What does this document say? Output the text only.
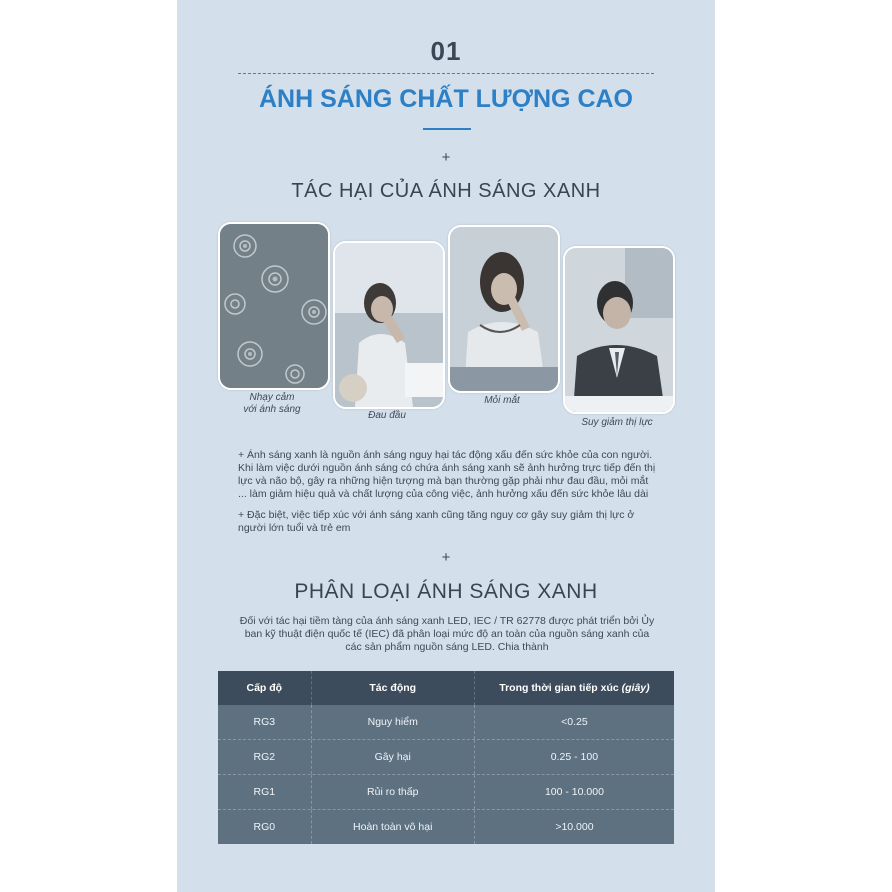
01
ÁNH SÁNG CHẤT LƯỢNG CAO
+
TÁC HẠI CỦA ÁNH SÁNG XANH
Nhạy cảm
với ánh sáng
Đau đầu
Mỏi mắt
Suy giảm thị lực
+ Ánh sáng xanh là nguồn ánh sáng nguy hại tác động xấu đến sức khỏe của con người. Khi làm việc dưới nguồn ánh sáng có chứa ánh sáng xanh sẽ ảnh hưởng trực tiếp đến thị lực và não bộ, gây ra những hiện tượng mà bạn thường gặp phải như đau đầu, mỏi mắt ... làm giảm hiệu quả và chất lượng của công việc, ảnh hưởng xấu đến sức khỏe lâu dài
+ Đặc biệt, việc tiếp xúc với ánh sáng xanh cũng tăng nguy cơ gây suy giảm thị lực ở người lớn tuổi và trẻ em
+
PHÂN LOẠI ÁNH SÁNG XANH
Đối với tác hại tiềm tàng của ánh sáng xanh LED, IEC / TR 62778 được phát triển bởi Ủy ban kỹ thuật điện quốc tế (IEC) đã phân loại mức độ an toàn của nguồn sáng xanh của các sản phẩm nguồn sáng LED. Chia thành
Cấp độ	Tác động	Trong thời gian tiếp xúc
(giây)
RG3	Nguy hiểm	<0.25
RG2	Gây hại	0.25 - 100
RG1	Rủi ro thấp	100 - 10.000
RG0	Hoàn toàn vô hại	>10.000
